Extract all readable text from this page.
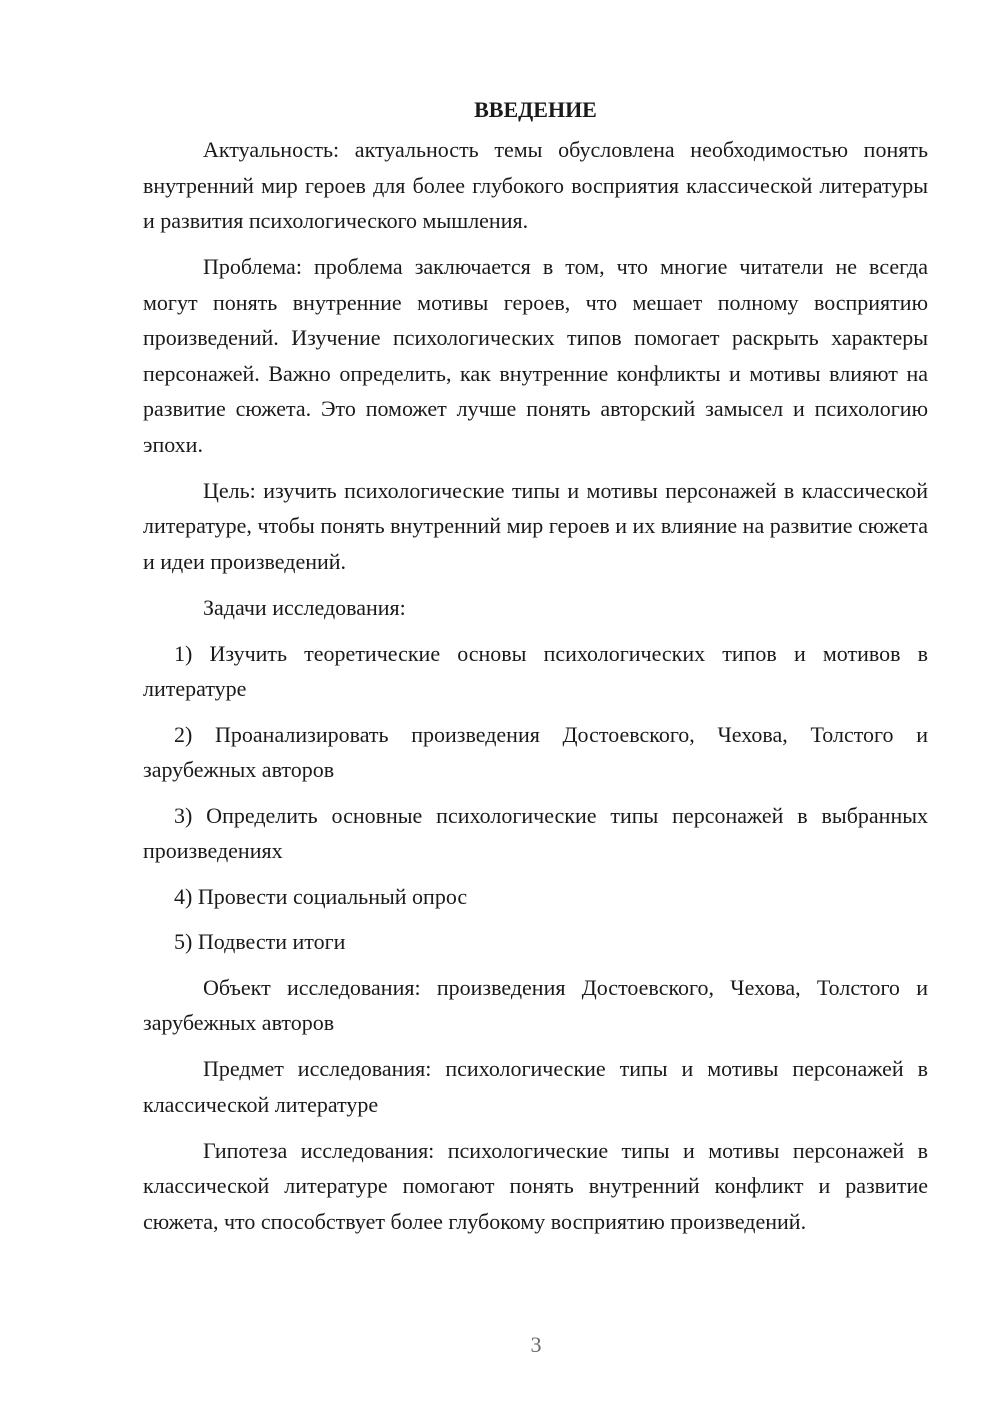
ВВЕДЕНИЕ

Актуальность: актуальность темы обусловлена необходимостью понять внутренний мир героев для более глубокого восприятия классической литературы и развития психологического мышления.

Проблема: проблема заключается в том, что многие читатели не всегда могут понять внутренние мотивы героев, что мешает полному восприятию произведений. Изучение психологических типов помогает раскрыть характеры персонажей. Важно определить, как внутренние конфликты и мотивы влияют на развитие сюжета. Это поможет лучше понять авторский замысел и психологию эпохи.

Цель: изучить психологические типы и мотивы персонажей в классической литературе, чтобы понять внутренний мир героев и их влияние на развитие сюжета и идеи произведений.

Задачи исследования:

1) Изучить теоретические основы психологических типов и мотивов в литературе

2) Проанализировать произведения Достоевского, Чехова, Толстого и зарубежных авторов

3) Определить основные психологические типы персонажей в выбранных произведениях

4) Провести социальный опрос

5) Подвести итоги

Объект исследования: произведения Достоевского, Чехова, Толстого и зарубежных авторов

Предмет исследования: психологические типы и мотивы персонажей в классической литературе

Гипотеза исследования: психологические типы и мотивы персонажей в классической литературе помогают понять внутренний конфликт и развитие сюжета, что способствует более глубокому восприятию произведений.

3
